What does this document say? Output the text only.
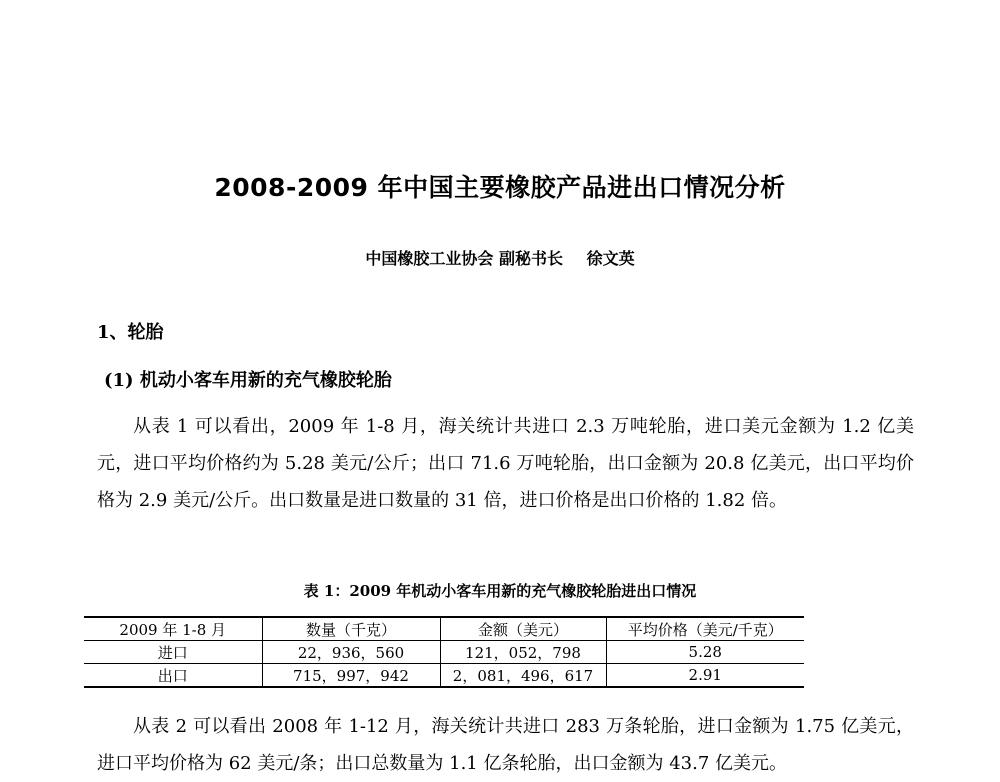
2008-2009 年中国主要橡胶产品进出口情况分析
中国橡胶工业协会 副秘书长 徐文英
1、轮胎
(1) 机动小客车用新的充气橡胶轮胎
从表 1 可以看出，2009 年 1-8 月，海关统计共进口 2.3 万吨轮胎，进口美元金额为 1.2 亿美元，进口平均价格约为 5.28 美元/公斤；出口 71.6 万吨轮胎，出口金额为 20.8 亿美元，出口平均价格为 2.9 美元/公斤。出口数量是进口数量的 31 倍，进口价格是出口价格的 1.82 倍。
表 1：2009 年机动小客车用新的充气橡胶轮胎进出口情况
2009 年 1-8 月	数量（千克）	金额（美元）	平均价格（美元/千克）
进口	22，936，560	121，052，798	5.28
出口	715，997，942	2，081，496，617	2.91
从表 2 可以看出 2008 年 1-12 月，海关统计共进口 283 万条轮胎，进口金额为 1.75 亿美元，进口平均价格为 62 美元/条；出口总数量为 1.1 亿条轮胎，出口金额为 43.7 亿美元。
